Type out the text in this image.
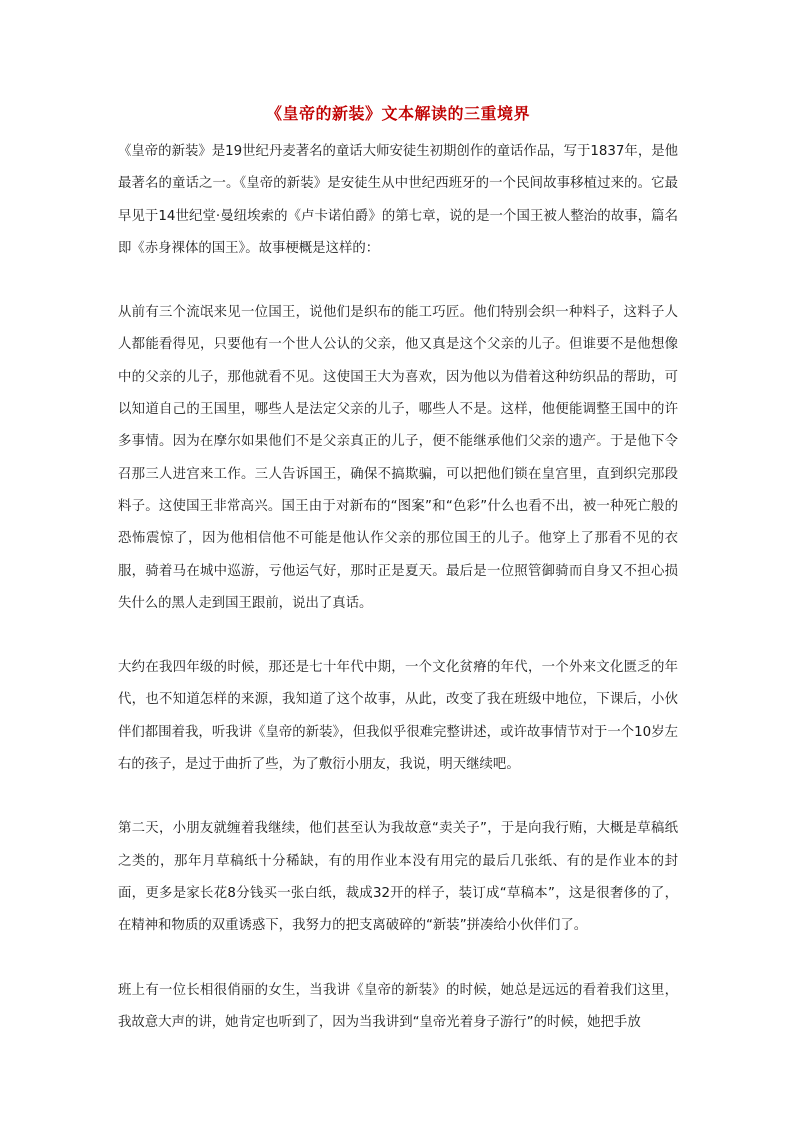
《皇帝的新装》文本解读的三重境界

《皇帝的新装》是19世纪丹麦著名的童话大师安徒生初期创作的童话作品，写于1837年，是他最著名的童话之一。《皇帝的新装》是安徒生从中世纪西班牙的一个民间故事移植过来的。它最早见于14世纪堂·曼纽埃索的《卢卡诺伯爵》的第七章，说的是一个国王被人整治的故事，篇名即《赤身裸体的国王》。故事梗概是这样的：

从前有三个流氓来见一位国王，说他们是织布的能工巧匠。他们特别会织一种料子，这料子人人都能看得见，只要他有一个世人公认的父亲，他又真是这个父亲的儿子。但谁要不是他想像中的父亲的儿子，那他就看不见。这使国王大为喜欢，因为他以为借着这种纺织品的帮助，可以知道自己的王国里，哪些人是法定父亲的儿子，哪些人不是。这样，他便能调整王国中的许多事情。因为在摩尔如果他们不是父亲真正的儿子，便不能继承他们父亲的遗产。于是他下令召那三人进宫来工作。三人告诉国王，确保不搞欺骗，可以把他们锁在皇宫里，直到织完那段料子。这使国王非常高兴。国王由于对新布的“图案”和“色彩”什么也看不出，被一种死亡般的恐怖震惊了，因为他相信他不可能是他认作父亲的那位国王的儿子。他穿上了那看不见的衣服，骑着马在城中巡游，亏他运气好，那时正是夏天。最后是一位照管御骑而自身又不担心损失什么的黑人走到国王跟前，说出了真话。

大约在我四年级的时候，那还是七十年代中期，一个文化贫瘠的年代，一个外来文化匮乏的年代，也不知道怎样的来源，我知道了这个故事，从此，改变了我在班级中地位，下课后，小伙伴们都围着我，听我讲《皇帝的新装》，但我似乎很难完整讲述，或许故事情节对于一个10岁左右的孩子，是过于曲折了些，为了敷衍小朋友，我说，明天继续吧。

第二天，小朋友就缠着我继续，他们甚至认为我故意“卖关子”，于是向我行贿，大概是草稿纸之类的，那年月草稿纸十分稀缺，有的用作业本没有用完的最后几张纸、有的是作业本的封面，更多是家长花8分钱买一张白纸，裁成32开的样子，装订成“草稿本”，这是很奢侈的了，在精神和物质的双重诱惑下，我努力的把支离破碎的“新装”拼凑给小伙伴们了。

班上有一位长相很俏丽的女生，当我讲《皇帝的新装》的时候，她总是远远的看着我们这里，我故意大声的讲，她肯定也听到了，因为当我讲到“皇帝光着身子游行”的时候，她把手放
